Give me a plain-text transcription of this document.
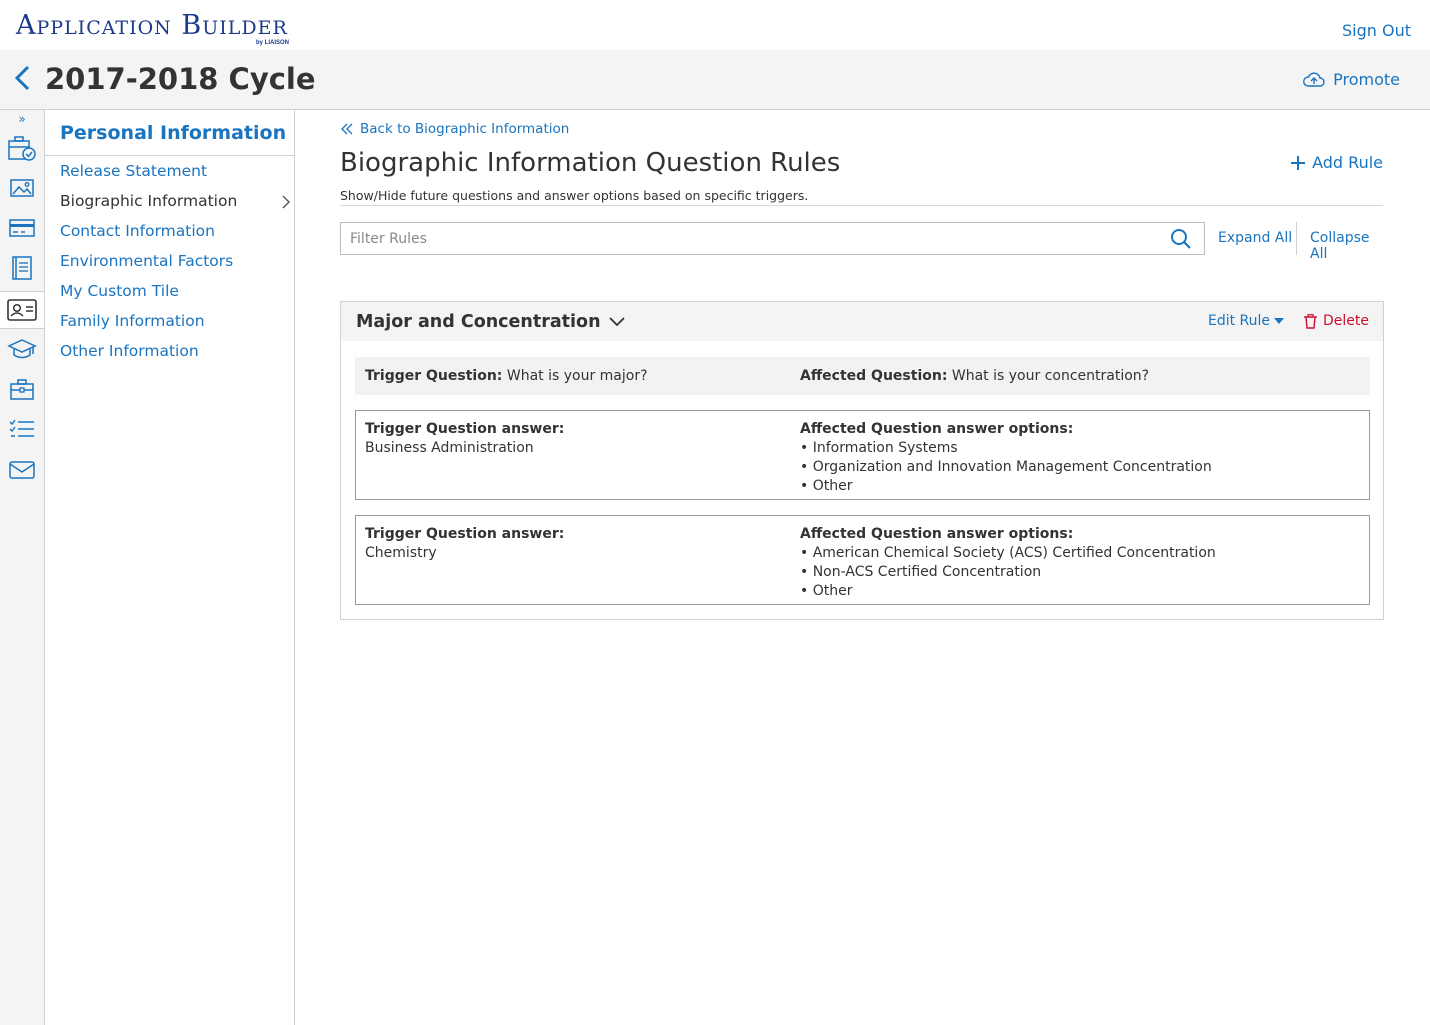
Application Builder
by LIAISON
Sign Out
2017-2018 Cycle	Promote
»
Personal Information
Release Statement
Biographic Information
Contact Information
Environmental Factors
My Custom Tile
Family Information
Other Information
Back to Biographic Information
Biographic Information Question Rules	Add Rule
Show/Hide future questions and answer options based on specific triggers.
Filter Rules
Expand All Collapse All
Major and Concentration	Edit Rule	Delete
Trigger Question: What is your major?	Affected Question: What is your concentration?
Trigger Question answer:
Business Administration
Affected Question answer options:
• Information Systems
• Organization and Innovation Management Concentration
• Other
Trigger Question answer:
Chemistry
Affected Question answer options:
• American Chemical Society (ACS) Certified Concentration
• Non-ACS Certified Concentration
• Other
